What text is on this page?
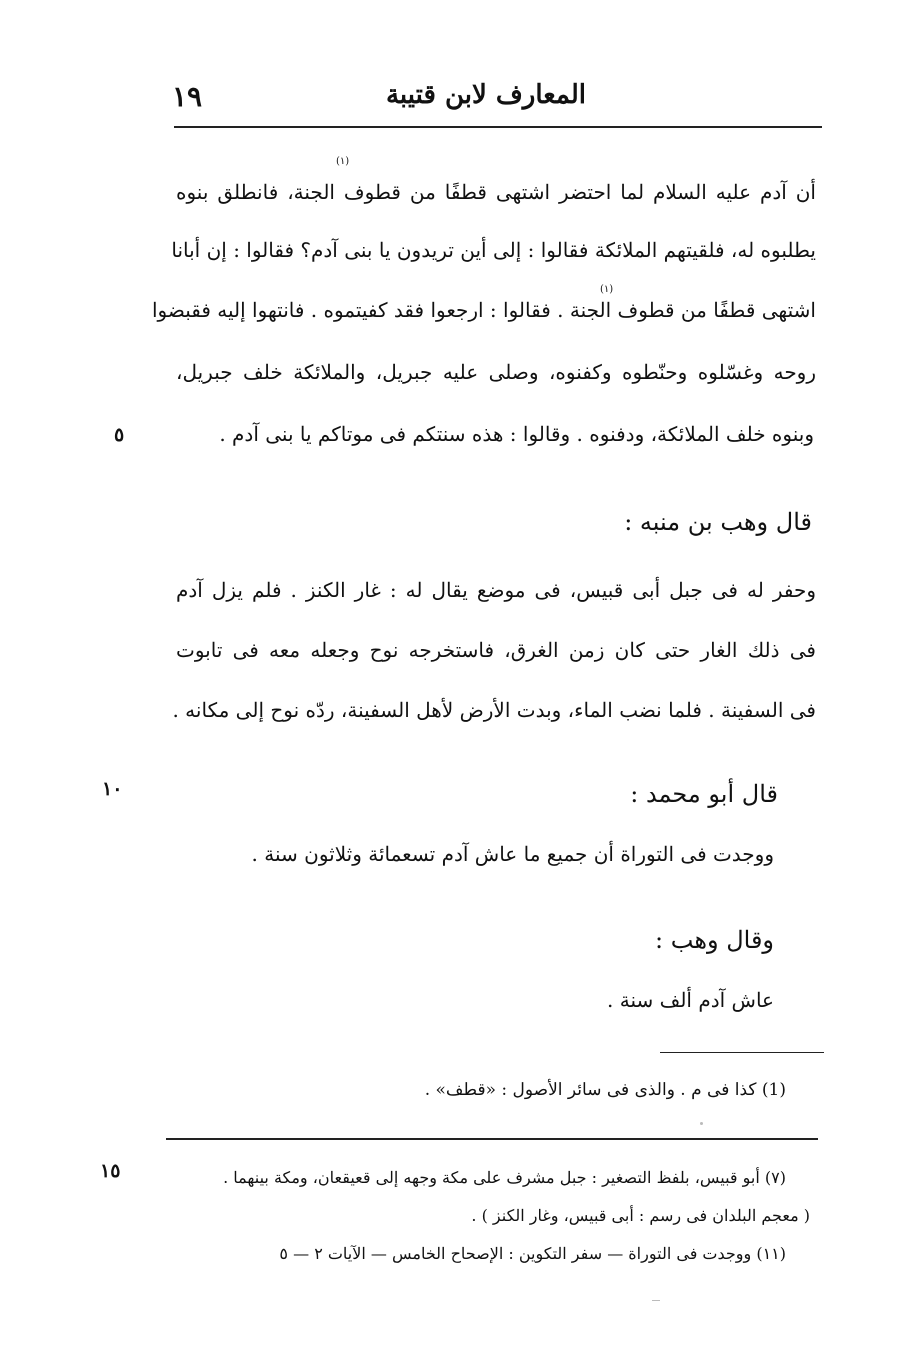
المعارف لابن قتيبة
١٩
(١)
(١)
أن آدم عليه السلام لما احتضر اشتهى قطفًا من قطوف الجنة، فانطلق بنوه
يطلبوه له، فلقيتهم الملائكة فقالوا : إلى أين تريدون يا بنى آدم؟ فقالوا : إن أبانا
اشتهى قطفًا من قطوف الجنة . فقالوا : ارجعوا فقد كفيتموه . فانتهوا إليه فقبضوا
روحه وغسّلوه وحنّطوه وكفنوه، وصلى عليه جبريل، والملائكة خلف جبريل،
وبنوه خلف الملائكة، ودفنوه . وقالوا : هذه سنتكم فى موتاكم يا بنى آدم .
٥
قال وهب بن منبه :
وحفر له فى جبل أبى قبيس، فى موضع يقال له : غار الكنز . فلم يزل آدم
فى ذلك الغار حتى كان زمن الغرق، فاستخرجه نوح وجعله معه فى تابوت
فى السفينة . فلما نضب الماء، وبدت الأرض لأهل السفينة، ردّه نوح إلى مكانه .
قال أبو محمد :
١٠
ووجدت فى التوراة أن جميع ما عاش آدم تسعمائة وثلاثون سنة .
وقال وهب :
عاش آدم ألف سنة .
(1) كذا فى م . والذى فى سائر الأصول : «قطف» .
١٥	(٧) أبو قبيس، بلفظ التصغير : جبل مشرف على مكة وجهه إلى قعيقعان، ومكة بينهما .
( معجم البلدان فى رسم : أبى قبيس، وغار الكنز ) .
(١١) ووجدت فى التوراة — سفر التكوين : الإصحاح الخامس — الآيات ٢ — ٥
